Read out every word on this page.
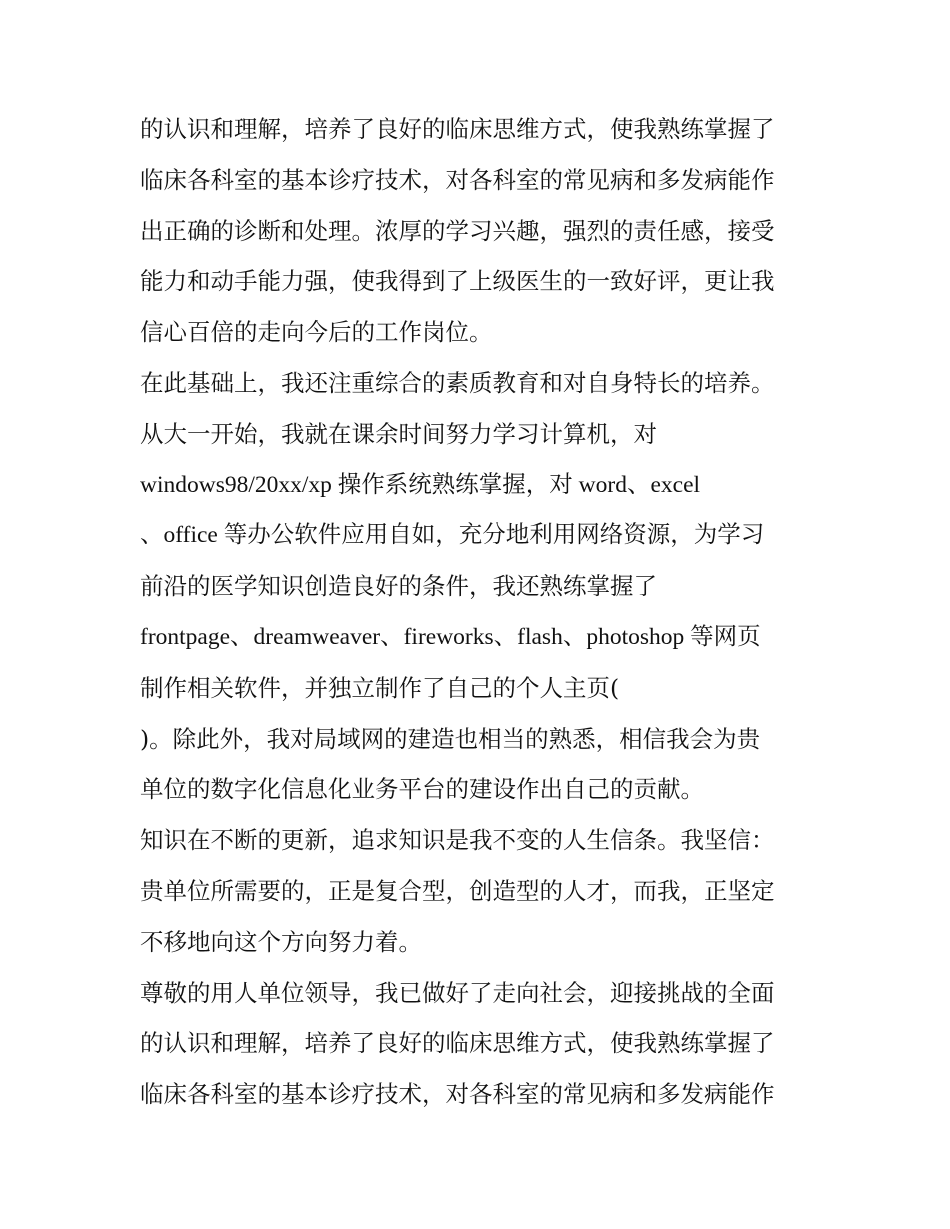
的认识和理解，培养了良好的临床思维方式，使我熟练掌握了
临床各科室的基本诊疗技术，对各科室的常见病和多发病能作
出正确的诊断和处理。浓厚的学习兴趣，强烈的责任感，接受
能力和动手能力强，使我得到了上级医生的一致好评，更让我
信心百倍的走向今后的工作岗位。
在此基础上，我还注重综合的素质教育和对自身特长的培养。
从大一开始，我就在课余时间努力学习计算机，对
windows98/20xx/xp 操作系统熟练掌握，对 word、excel
、office 等办公软件应用自如，充分地利用网络资源，为学习
前沿的医学知识创造良好的条件，我还熟练掌握了
frontpage、dreamweaver、fireworks、flash、photoshop 等网页
制作相关软件，并独立制作了自己的个人主页(
)。除此外，我对局域网的建造也相当的熟悉，相信我会为贵
单位的数字化信息化业务平台的建设作出自己的贡献。
知识在不断的更新，追求知识是我不变的人生信条。我坚信：
贵单位所需要的，正是复合型，创造型的人才，而我，正坚定
不移地向这个方向努力着。
尊敬的用人单位领导，我已做好了走向社会，迎接挑战的全面
的认识和理解，培养了良好的临床思维方式，使我熟练掌握了
临床各科室的基本诊疗技术，对各科室的常见病和多发病能作
